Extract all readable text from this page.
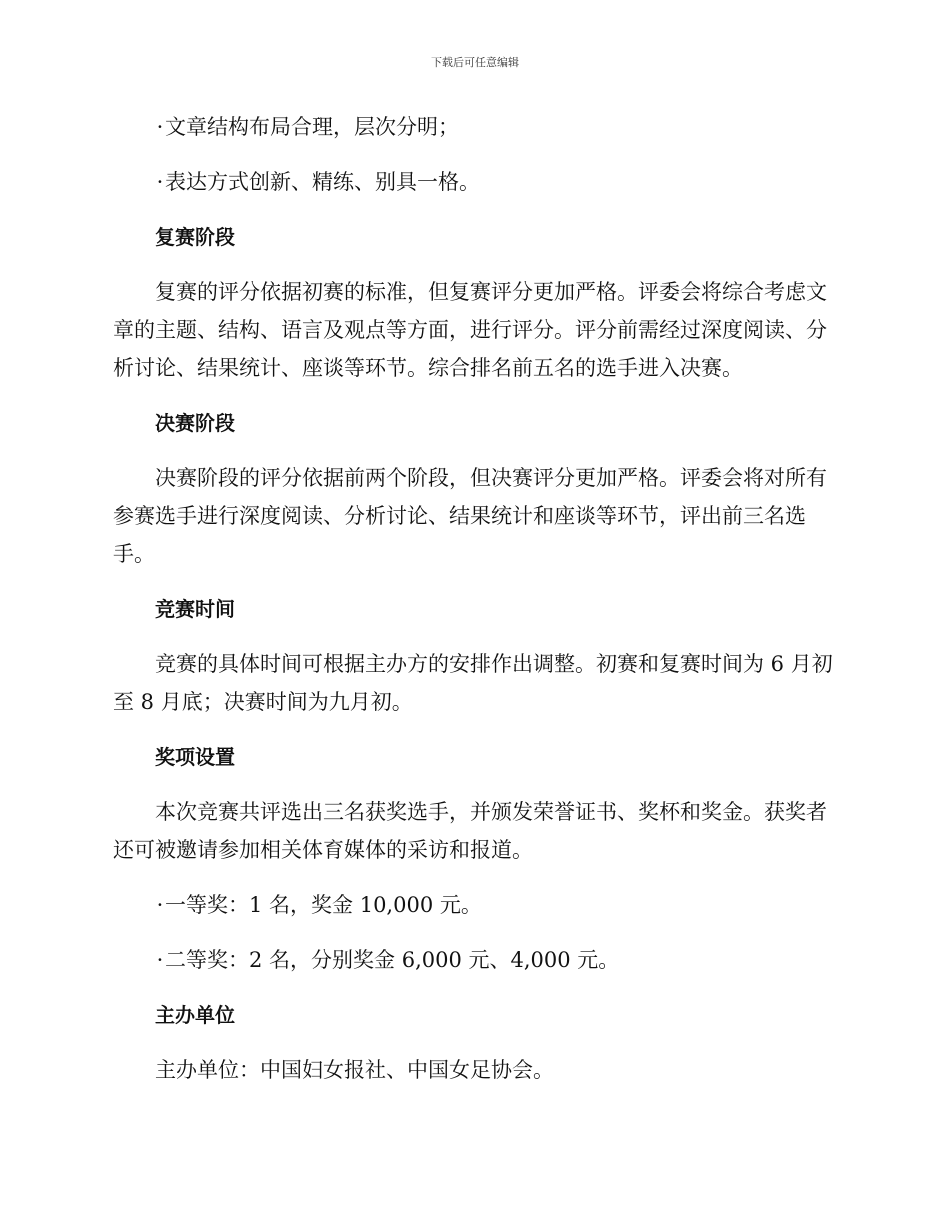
下载后可任意编辑

·文章结构布局合理，层次分明；

·表达方式创新、精练、别具一格。

复赛阶段

复赛的评分依据初赛的标准，但复赛评分更加严格。评委会将综合考虑文章的主题、结构、语言及观点等方面，进行评分。评分前需经过深度阅读、分析讨论、结果统计、座谈等环节。综合排名前五名的选手进入决赛。

决赛阶段

决赛阶段的评分依据前两个阶段，但决赛评分更加严格。评委会将对所有参赛选手进行深度阅读、分析讨论、结果统计和座谈等环节，评出前三名选手。

竞赛时间

竞赛的具体时间可根据主办方的安排作出调整。初赛和复赛时间为 6 月初至 8 月底；决赛时间为九月初。

奖项设置

本次竞赛共评选出三名获奖选手，并颁发荣誉证书、奖杯和奖金。获奖者还可被邀请参加相关体育媒体的采访和报道。

·一等奖：1 名，奖金 10,000 元。

·二等奖：2 名，分别奖金 6,000 元、4,000 元。

主办单位

主办单位：中国妇女报社、中国女足协会。
